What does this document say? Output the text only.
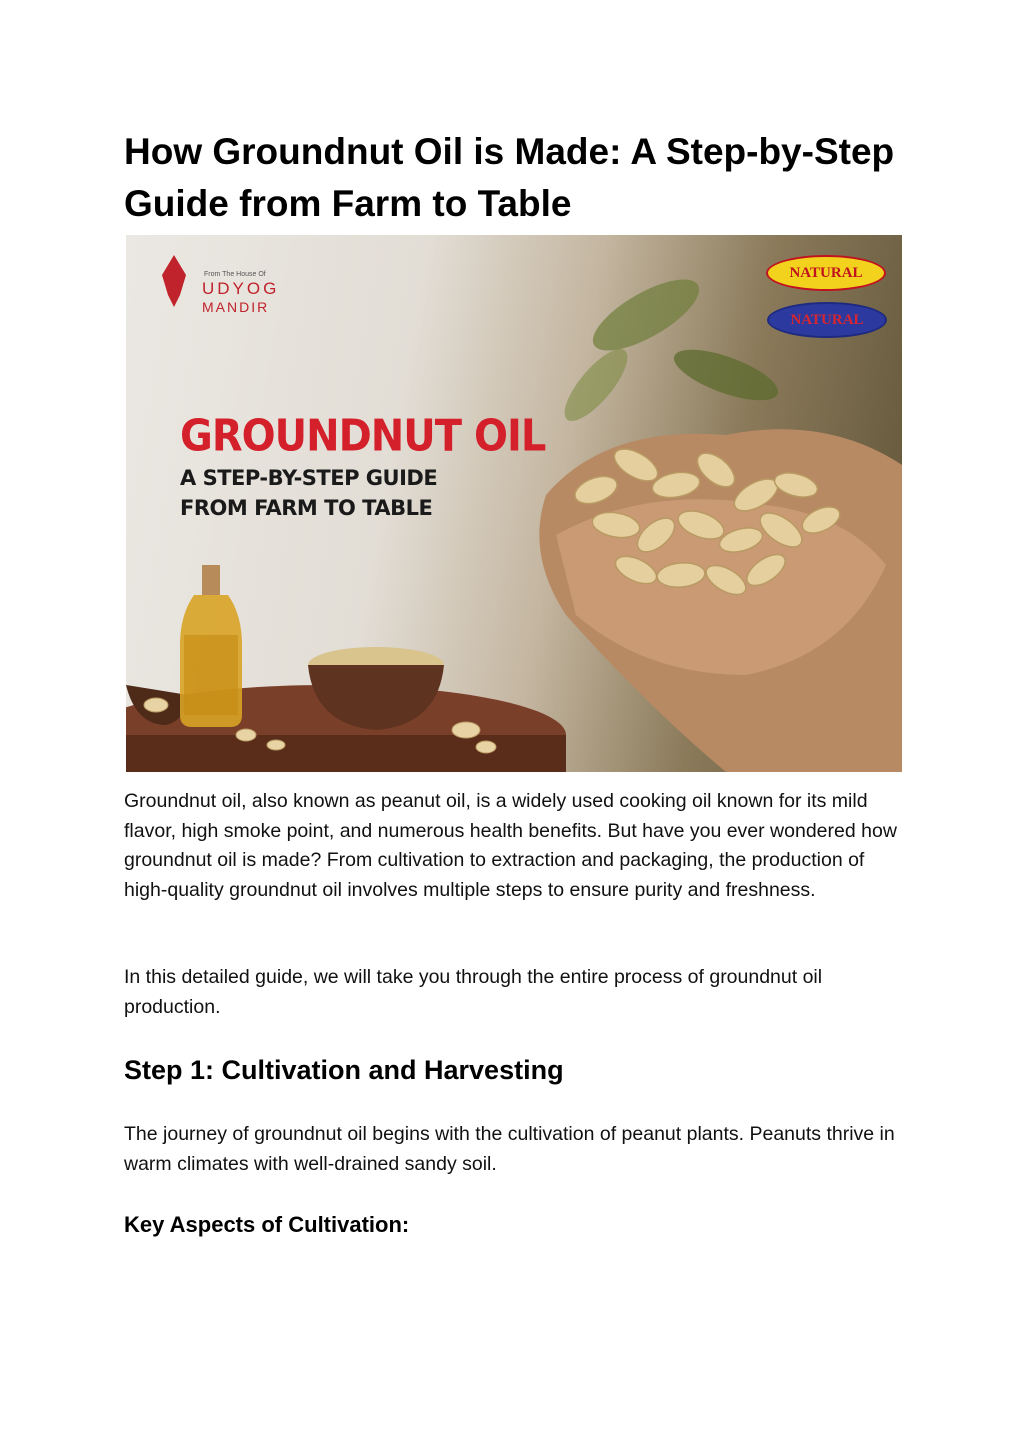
How Groundnut Oil is Made: A Step-by-Step Guide from Farm to Table
From The House Of
UDYOG
MANDIR
NATURAL
NATURAL
GROUNDNUT OIL
A STEP-BY-STEP GUIDE FROM FARM TO TABLE

Groundnut oil, also known as peanut oil, is a widely used cooking oil known for its mild flavor, high smoke point, and numerous health benefits. But have you ever wondered how groundnut oil is made? From cultivation to extraction and packaging, the production of high-quality groundnut oil involves multiple steps to ensure purity and freshness.

In this detailed guide, we will take you through the entire process of groundnut oil production.

Step 1: Cultivation and Harvesting

The journey of groundnut oil begins with the cultivation of peanut plants. Peanuts thrive in warm climates with well-drained sandy soil.

Key Aspects of Cultivation:
